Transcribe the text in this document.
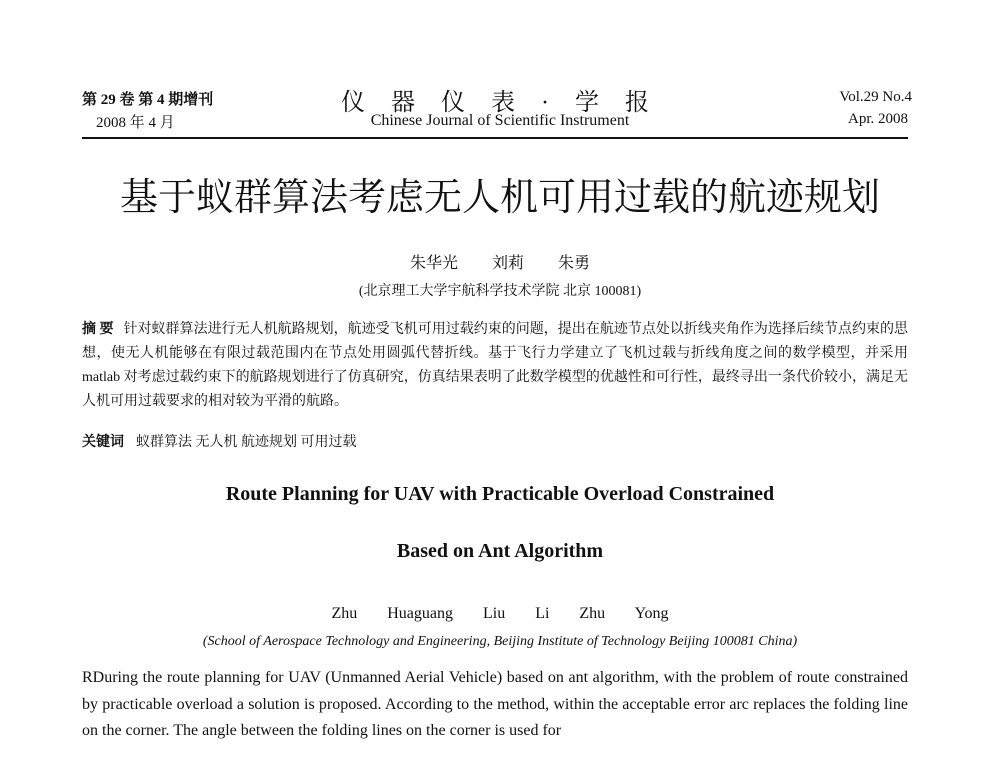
第 29 卷 第 4 期增刊
2008 年 4 月
仪 器 仪 表 · 学 报
Chinese Journal of Scientific Instrument
Vol.29 No.4
Apr. 2008
基于蚁群算法考虑无人机可用过载的航迹规划
朱华光 刘莉 朱勇
(北京理工大学宇航科学技术学院 北京 100081)
摘 要 针对蚁群算法进行无人机航路规划，航迹受飞机可用过载约束的问题，提出在航迹节点处以折线夹角作为选择后续节点约束的思想，使无人机能够在有限过载范围内在节点处用圆弧代替折线。基于飞行力学建立了飞机过载与折线角度之间的数学模型，并采用 matlab 对考虑过载约束下的航路规划进行了仿真研究，仿真结果表明了此数学模型的优越性和可行性，最终寻出一条代价较小，满足无人机可用过载要求的相对较为平滑的航路。
关键词 蚁群算法 无人机 航迹规划 可用过载
Route Planning for UAV with Practicable Overload Constrained
Based on Ant Algorithm
Zhu Huaguang Liu Li Zhu Yong
(School of Aerospace Technology and Engineering, Beijing Institute of Technology Beijing 100081 China)
RDuring the route planning for UAV (Unmanned Aerial Vehicle) based on ant algorithm, with the problem of route constrained by practicable overload a solution is proposed. According to the method, within the acceptable error arc replaces the folding line on the corner. The angle between the folding lines on the corner is used for
